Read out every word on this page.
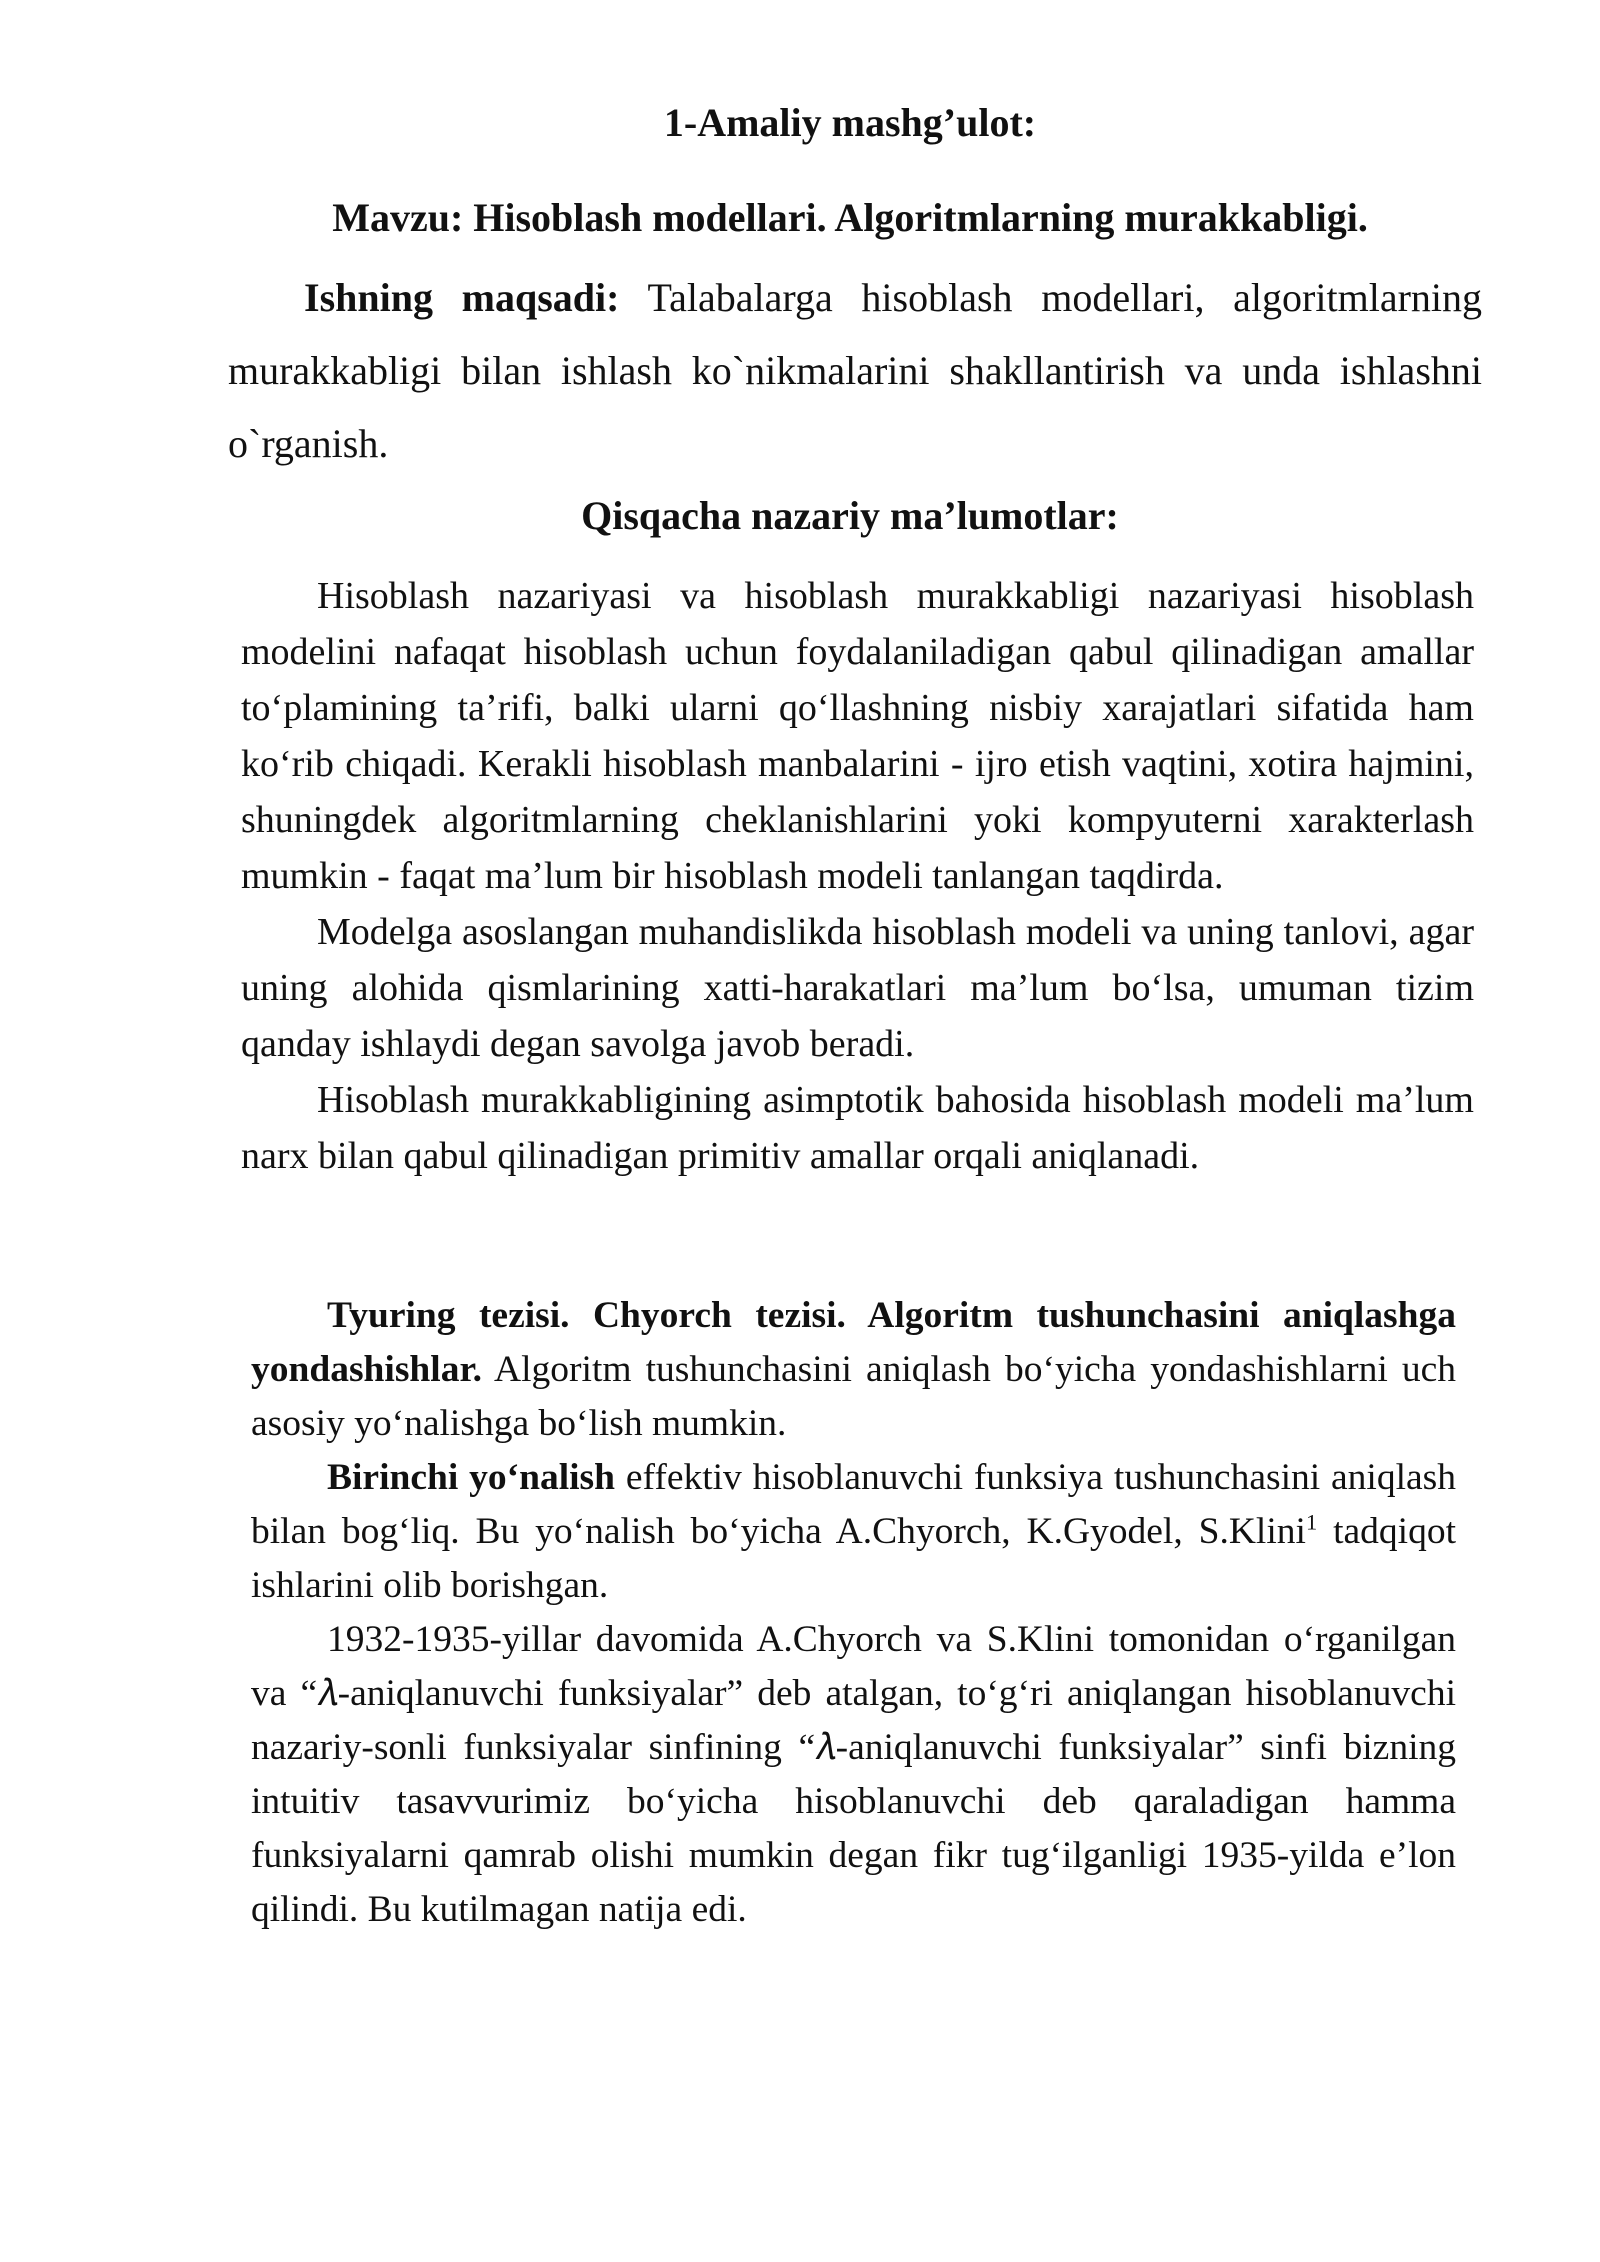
1-Amaliy mashg’ulot:
Mavzu: Hisoblash modellari. Algoritmlarning murakkabligi.

Ishning maqsadi: Talabalarga hisoblash modellari, algoritmlarning murakkabligi bilan ishlash ko`nikmalarini shakllantirish va unda ishlashni o`rganish.

Qisqacha nazariy ma’lumotlar:

Hisoblash nazariyasi va hisoblash murakkabligi nazariyasi hisoblash modelini nafaqat hisoblash uchun foydalaniladigan qabul qilinadigan amallar to‘plamining ta’rifi, balki ularni qo‘llashning nisbiy xarajatlari sifatida ham ko‘rib chiqadi. Kerakli hisoblash manbalarini - ijro etish vaqtini, xotira hajmini, shuningdek algoritmlarning cheklanishlarini yoki kompyuterni xarakterlash mumkin - faqat ma’lum bir hisoblash modeli tanlangan taqdirda.

Modelga asoslangan muhandislikda hisoblash modeli va uning tanlovi, agar uning alohida qismlarining xatti-harakatlari ma’lum bo‘lsa, umuman tizim qanday ishlaydi degan savolga javob beradi.

Hisoblash murakkabligining asimptotik bahosida hisoblash modeli ma’lum narx bilan qabul qilinadigan primitiv amallar orqali aniqlanadi.

Tyuring tezisi. Chyorch tezisi. Algoritm tushunchasini aniqlashga yondashishlar. Algoritm tushunchasini aniqlash bo‘yicha yondashishlarni uch asosiy yo‘nalishga bo‘lish mumkin.

Birinchi yo‘nalish effektiv hisoblanuvchi funksiya tushunchasini aniqlash bilan bog‘liq. Bu yo‘nalish bo‘yicha A.Chyorch, K.Gyodel, S.Klini$^1$ tadqiqot ishlarini olib borishgan.

1932-1935-yillar davomida A.Chyorch va S.Klini tomonidan o‘rganilgan va “𝜆-aniqlanuvchi funksiyalar” deb atalgan, to‘g‘ri aniqlangan hisoblanuvchi nazariy-sonli funksiyalar sinfining “𝜆-aniqlanuvchi funksiyalar” sinfi bizning intuitiv tasavvurimiz bo‘yicha hisoblanuvchi deb qaraladigan hamma funksiyalarni qamrab olishi mumkin degan fikr tug‘ilganligi 1935-yilda e’lon qilindi. Bu kutilmagan natija edi.
